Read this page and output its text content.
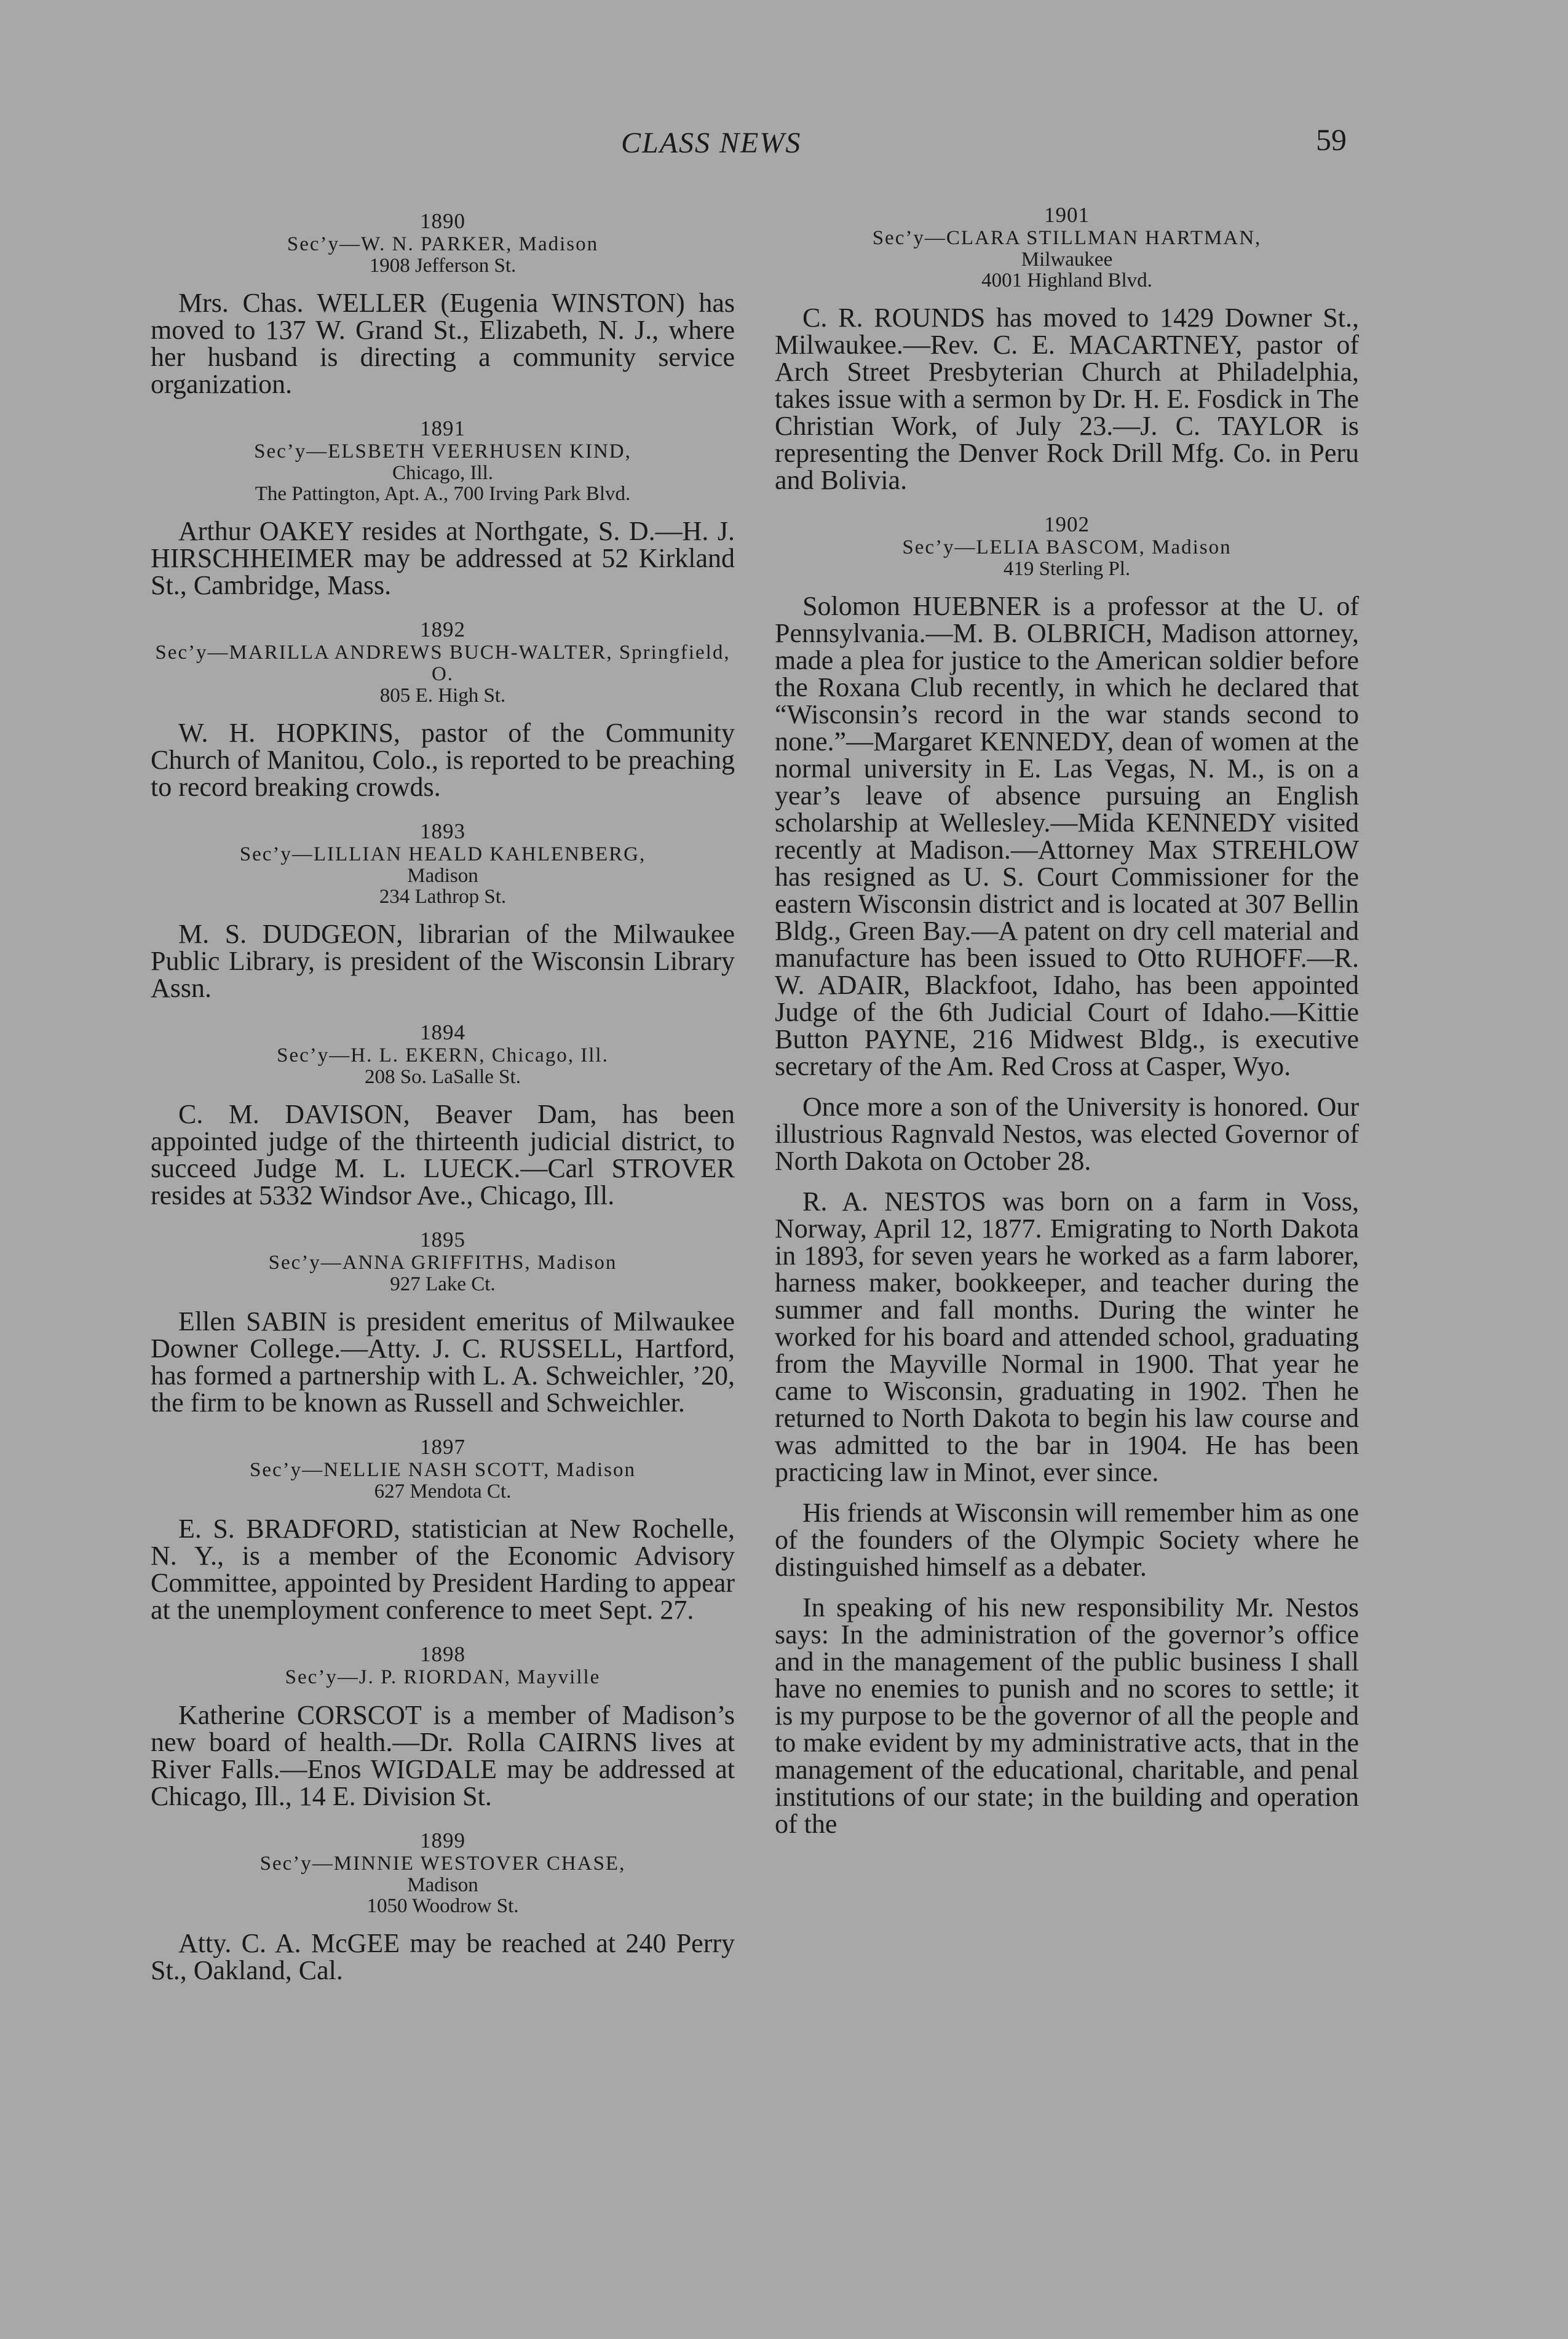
CLASS NEWS	59
1890
Sec’y—W. N. PARKER, Madison
1908 Jefferson St.
Mrs. Chas. WELLER (Eugenia WINSTON) has moved to 137 W. Grand St., Elizabeth, N. J., where her husband is directing a community service organization.
1891
Sec’y—ELSBETH VEERHUSEN KIND,
Chicago, Ill.
The Pattington, Apt. A., 700 Irving Park Blvd.
Arthur OAKEY resides at Northgate, S. D.—H. J. HIRSCHHEIMER may be addressed at 52 Kirkland St., Cambridge, Mass.
1892
Sec’y—MARILLA ANDREWS BUCH-WALTER, Springfield, O.
805 E. High St.
W. H. HOPKINS, pastor of the Community Church of Manitou, Colo., is reported to be preaching to record breaking crowds.
1893
Sec’y—LILLIAN HEALD KAHLENBERG,
Madison
234 Lathrop St.
M. S. DUDGEON, librarian of the Milwaukee Public Library, is president of the Wisconsin Library Assn.
1894
Sec’y—H. L. EKERN, Chicago, Ill.
208 So. LaSalle St.
C. M. DAVISON, Beaver Dam, has been appointed judge of the thirteenth judicial district, to succeed Judge M. L. LUECK.—Carl STROVER resides at 5332 Windsor Ave., Chicago, Ill.
1895
Sec’y—ANNA GRIFFITHS, Madison
927 Lake Ct.
Ellen SABIN is president emeritus of Milwaukee Downer College.—Atty. J. C. RUSSELL, Hartford, has formed a partnership with L. A. Schweichler, ’20, the firm to be known as Russell and Schweichler.
1897
Sec’y—NELLIE NASH SCOTT, Madison
627 Mendota Ct.
E. S. BRADFORD, statistician at New Rochelle, N. Y., is a member of the Economic Advisory Committee, appointed by President Harding to appear at the unemployment conference to meet Sept. 27.
1898
Sec’y—J. P. RIORDAN, Mayville
Katherine CORSCOT is a member of Madison’s new board of health.—Dr. Rolla CAIRNS lives at River Falls.—Enos WIGDALE may be addressed at Chicago, Ill., 14 E. Division St.
1899
Sec’y—MINNIE WESTOVER CHASE,
Madison
1050 Woodrow St.
Atty. C. A. McGEE may be reached at 240 Perry St., Oakland, Cal.
1901
Sec’y—CLARA STILLMAN HARTMAN,
Milwaukee
4001 Highland Blvd.
C. R. ROUNDS has moved to 1429 Downer St., Milwaukee.—Rev. C. E. MACARTNEY, pastor of Arch Street Presbyterian Church at Philadelphia, takes issue with a sermon by Dr. H. E. Fosdick in The Christian Work, of July 23.—J. C. TAYLOR is representing the Denver Rock Drill Mfg. Co. in Peru and Bolivia.
1902
Sec’y—LELIA BASCOM, Madison
419 Sterling Pl.
Solomon HUEBNER is a professor at the U. of Pennsylvania.—M. B. OLBRICH, Madison attorney, made a plea for justice to the American soldier before the Roxana Club recently, in which he declared that “Wisconsin’s record in the war stands second to none.”—Margaret KENNEDY, dean of women at the normal university in E. Las Vegas, N. M., is on a year’s leave of absence pursuing an English scholarship at Wellesley.—Mida KENNEDY visited recently at Madison.—Attorney Max STREHLOW has resigned as U. S. Court Commissioner for the eastern Wisconsin district and is located at 307 Bellin Bldg., Green Bay.—A patent on dry cell material and manufacture has been issued to Otto RUHOFF.—R. W. ADAIR, Blackfoot, Idaho, has been appointed Judge of the 6th Judicial Court of Idaho.—Kittie Button PAYNE, 216 Midwest Bldg., is executive secretary of the Am. Red Cross at Casper, Wyo.
Once more a son of the University is honored. Our illustrious Ragnvald Nestos, was elected Governor of North Dakota on October 28.
R. A. NESTOS was born on a farm in Voss, Norway, April 12, 1877. Emigrating to North Dakota in 1893, for seven years he worked as a farm laborer, harness maker, bookkeeper, and teacher during the summer and fall months. During the winter he worked for his board and attended school, graduating from the Mayville Normal in 1900. That year he came to Wisconsin, graduating in 1902. Then he returned to North Dakota to begin his law course and was admitted to the bar in 1904. He has been practicing law in Minot, ever since.
His friends at Wisconsin will remember him as one of the founders of the Olympic Society where he distinguished himself as a debater.
In speaking of his new responsibility Mr. Nestos says: In the administration of the governor’s office and in the management of the public business I shall have no enemies to punish and no scores to settle; it is my purpose to be the governor of all the people and to make evident by my administrative acts, that in the management of the educational, charitable, and penal institutions of our state; in the building and operation of the
